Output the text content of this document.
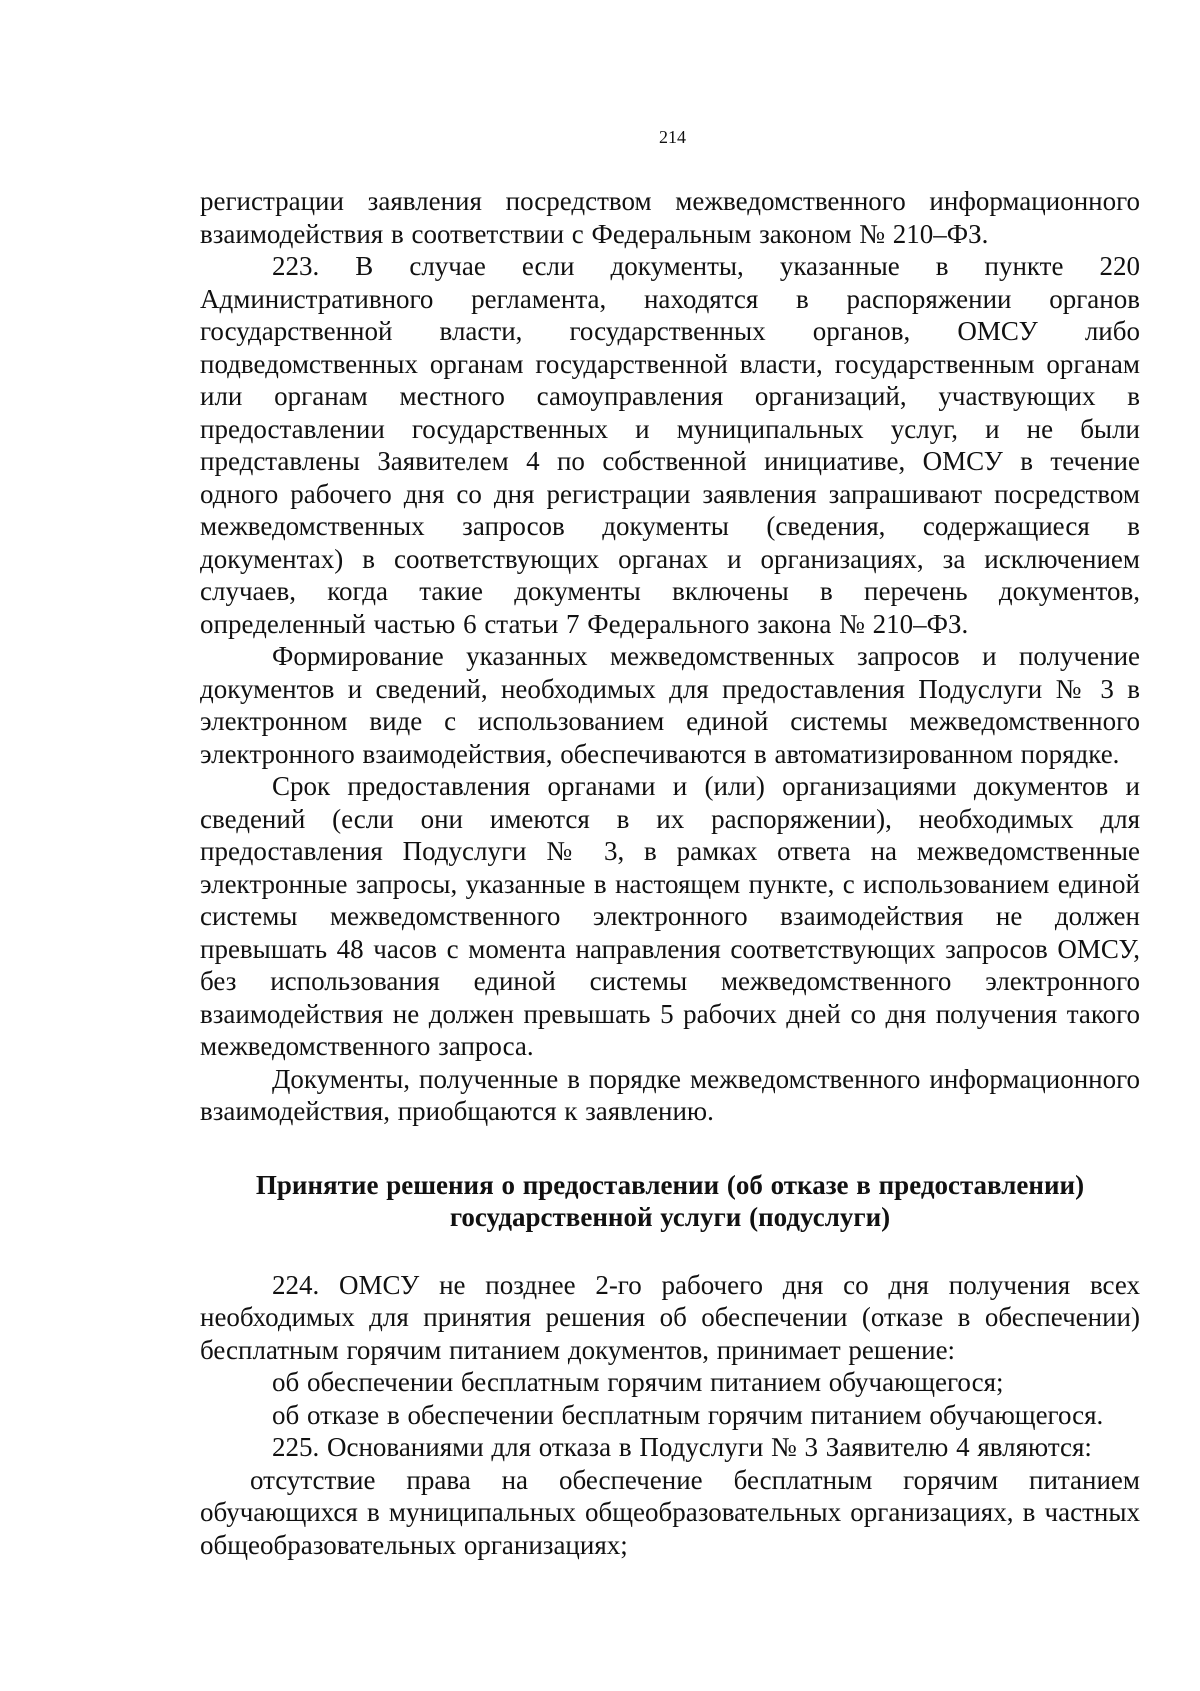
214

регистрации заявления посредством межведомственного информационного взаимодействия в соответствии с Федеральным законом № 210–ФЗ.

223. В случае если документы, указанные в пункте 220 Административного регламента, находятся в распоряжении органов государственной власти, государственных органов, ОМСУ либо подведомственных органам государственной власти, государственным органам или органам местного самоуправления организаций, участвующих в предоставлении государственных и муниципальных услуг, и не были представлены Заявителем 4 по собственной инициативе, ОМСУ в течение одного рабочего дня со дня регистрации заявления запрашивают посредством межведомственных запросов документы (сведения, содержащиеся в документах) в соответствующих органах и организациях, за исключением случаев, когда такие документы включены в перечень документов, определенный частью 6 статьи 7 Федерального закона № 210–ФЗ.

Формирование указанных межведомственных запросов и получение документов и сведений, необходимых для предоставления Подуслуги № 3 в электронном виде с использованием единой системы межведомственного электронного взаимодействия, обеспечиваются в автоматизированном порядке.

Срок предоставления органами и (или) организациями документов и сведений (если они имеются в их распоряжении), необходимых для предоставления Подуслуги № 3, в рамках ответа на межведомственные электронные запросы, указанные в настоящем пункте, с использованием единой системы межведомственного электронного взаимодействия не должен превышать 48 часов с момента направления соответствующих запросов ОМСУ, без использования единой системы межведомственного электронного взаимодействия не должен превышать 5 рабочих дней со дня получения такого межведомственного запроса.

Документы, полученные в порядке межведомственного информационного взаимодействия, приобщаются к заявлению.

Принятие решения о предоставлении (об отказе в предоставлении)
государственной услуги (подуслуги)

224. ОМСУ не позднее 2-го рабочего дня со дня получения всех необходимых для принятия решения об обеспечении (отказе в обеспечении) бесплатным горячим питанием документов, принимает решение:

об обеспечении бесплатным горячим питанием обучающегося;

об отказе в обеспечении бесплатным горячим питанием обучающегося.

225. Основаниями для отказа в Подуслуги № 3 Заявителю 4 являются:

отсутствие права на обеспечение бесплатным горячим питанием обучающихся в муниципальных общеобразовательных организациях, в частных общеобразовательных организациях;
